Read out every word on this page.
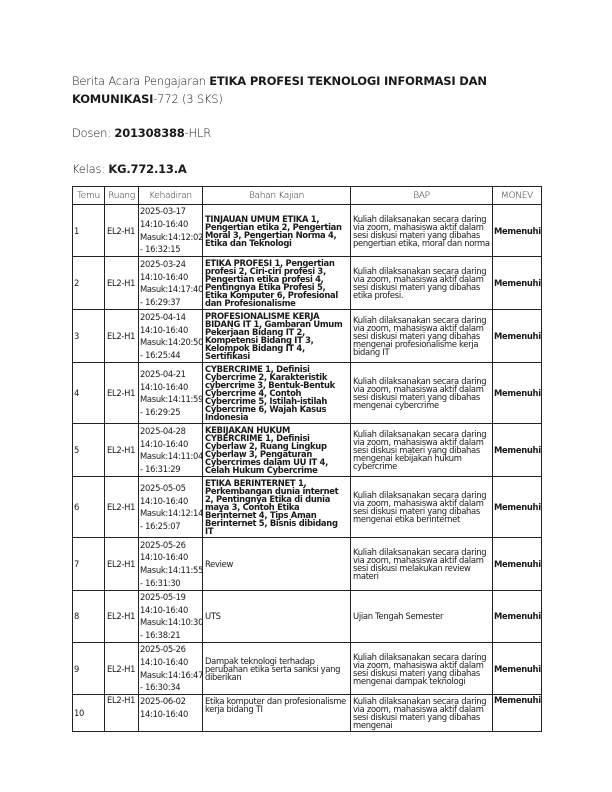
Berita Acara Pengajaran ETIKA PROFESI TEKNOLOGI INFORMASI DAN KOMUNIKASI-772 (3 SKS)
Dosen: 201308388-HLR
Kelas: KG.772.13.A
Temu	Ruang	Kehadiran	Bahan Kajian	BAP	MONEV
1	EL2-H1	2025-03-17
14:10-16:40
Masuk:14:12:02
- 16:32:15	TINJAUAN UMUM ETIKA 1, Pengertian etika 2, Pengertian Moral 3, Pengertian Norma 4, Etika dan Teknologi	Kuliah dilaksanakan secara daring via zoom, mahasiswa aktif dalam sesi diskusi materi yang dibahas pengertian etika, moral dan norma	Memenuhi
2	EL2-H1	2025-03-24
14:10-16:40
Masuk:14:17:40
- 16:29:37	ETIKA PROFESI 1, Pengertian profesi 2, Ciri-ciri profesi 3, Pengertian etika profesi 4, Pentingnya Etika Profesi 5, Etika Komputer 6, Profesional dan Profesionalisme	Kuliah dilaksanakan secara daring via zoom, mahasiswa aktif dalam sesi diskusi materi yang dibahas etika profesi.	Memenuhi
3	EL2-H1	2025-04-14
14:10-16:40
Masuk:14:20:50
- 16:25:44	PROFESIONALISME KERJA BIDANG IT 1, Gambaran Umum Pekerjaan Bidang IT 2, Kompetensi Bidang IT 3, Kelompok Bidang IT 4, Sertifikasi	Kuliah dilaksanakan secara daring via zoom, mahasiswa aktif dalam sesi diskusi materi yang dibahas mengenai profesionalisme kerja bidang IT	Memenuhi
4	EL2-H1	2025-04-21
14:10-16:40
Masuk:14:11:59
- 16:29:25	CYBERCRIME 1, Definisi Cybercrime 2, Karakteristik cybercrime 3, Bentuk-Bentuk Cybercrime 4, Contoh Cybercrime 5, Istilah-istilah Cybercrime 6, Wajah Kasus Indonesia	Kuliah dilaksanakan secara daring via zoom, mahasiswa aktif dalam sesi diskusi materi yang dibahas mengenai cybercrime	Memenuhi
5	EL2-H1	2025-04-28
14:10-16:40
Masuk:14:11:04
- 16:31:29	KEBIJAKAN HUKUM CYBERCRIME 1, Definisi Cyberlaw 2, Ruang Lingkup Cyberlaw 3, Pengaturan Cybercrimes dalam UU IT 4, Celah Hukum Cybercrime	Kuliah dilaksanakan secara daring via zoom, mahasiswa aktif dalam sesi diskusi materi yang dibahas mengenai kebijakan hukum cybercrime	Memenuhi
6	EL2-H1	2025-05-05
14:10-16:40
Masuk:14:12:14
- 16:25:07	ETIKA BERINTERNET 1, Perkembangan dunia internet 2, Pentingnya Etika di dunia maya 3, Contoh Etika Berinternet 4, Tips Aman Berinternet 5, Bisnis dibidang IT	Kuliah dilaksanakan secara daring via zoom, mahasiswa aktif dalam sesi diskusi materi yang dibahas mengenai etika berinternet	Memenuhi
7	EL2-H1	2025-05-26
14:10-16:40
Masuk:14:11:55
- 16:31:30	Review	Kuliah dilaksanakan secara daring via zoom, mahasiswa aktif dalam sesi diskusi melakukan review materi	Memenuhi
8	EL2-H1	2025-05-19
14:10-16:40
Masuk:14:10:30
- 16:38:21	UTS	Ujian Tengah Semester	Memenuhi
9	EL2-H1	2025-05-26
14:10-16:40
Masuk:14:16:47
- 16:30:34	Dampak teknologi terhadap perubahan etika serta sanksi yang diberikan	Kuliah dilaksanakan secara daring via zoom, mahasiswa aktif dalam sesi diskusi materi yang dibahas mengenai dampak teknologi	Memenuhi
10	EL2-H1	2025-06-02
14:10-16:40	Etika komputer dan profesionalisme kerja bidang TI	Kuliah dilaksanakan secara daring via zoom, mahasiswa aktif dalam sesi diskusi materi yang dibahas mengenai	Memenuhi
